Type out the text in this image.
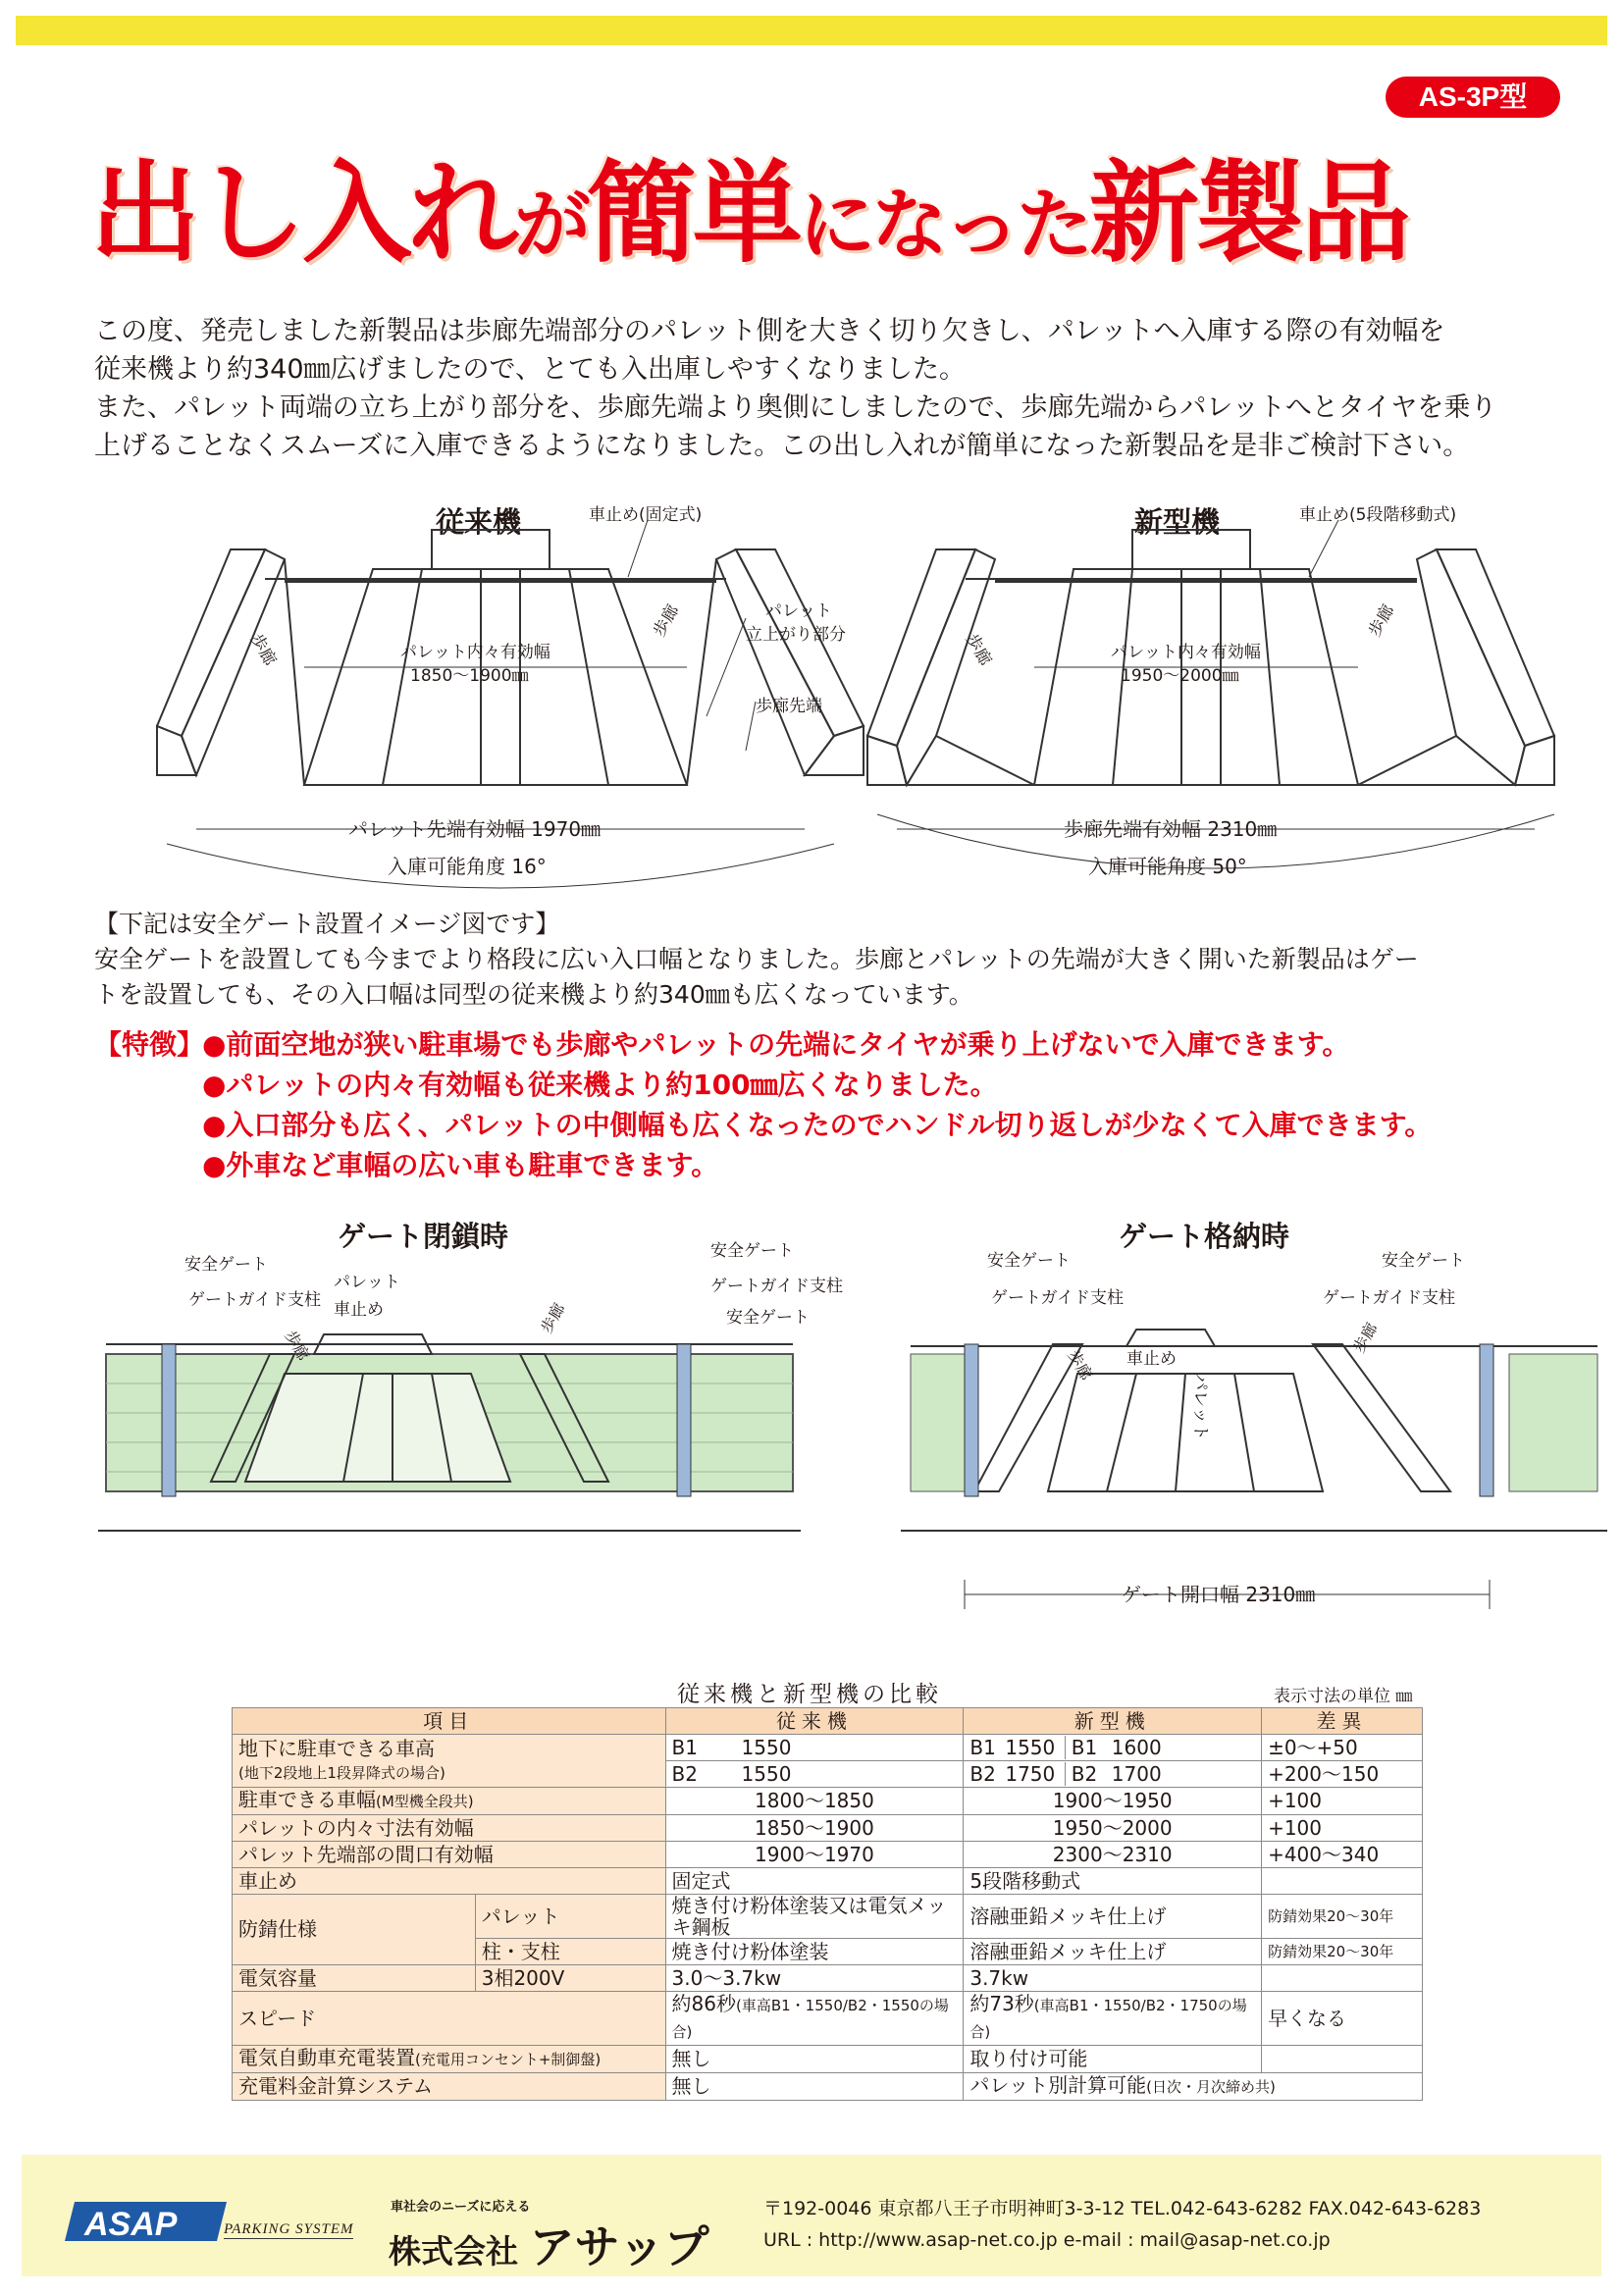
AS-3P型
出し入れが簡単になった新製品

この度、発売しました新製品は歩廊先端部分のパレット側を大きく切り欠きし、パレットへ入庫する際の有効幅を

従来機より約340㎜広げましたので、とても入出庫しやすくなりました。

また、パレット両端の立ち上がり部分を、歩廊先端より奥側にしましたので、歩廊先端からパレットへとタイヤを乗り

上げることなくスムーズに入庫できるようになりました。この出し入れが簡単になった新製品を是非ご検討下さい。

従来機	車止め(固定式)
歩廊
歩廊	パレット
立上がり部分
歩廊先端
パレット内々有効幅
1850〜1900㎜
パレット先端有効幅 1970㎜
入庫可能角度 16°
新型機	車止め(5段階移動式)
歩廊
歩廊
パレット内々有効幅
1950〜2000㎜
歩廊先端有効幅 2310㎜
入庫可能角度 50°

【下記は安全ゲート設置イメージ図です】

安全ゲートを設置しても今までより格段に広い入口幅となりました。歩廊とパレットの先端が大きく開いた新製品はゲー

トを設置しても、その入口幅は同型の従来機より約340㎜も広くなっています。

【特徴】●前面空地が狭い駐車場でも歩廊やパレットの先端にタイヤが乗り上げないで入庫できます。
●パレットの内々有効幅も従来機より約100㎜広くなりました。
●入口部分も広く、パレットの中側幅も広くなったのでハンドル切り返しが少なくて入庫できます。
●外車など車幅の広い車も駐車できます。
ゲート閉鎖時
安全ゲート
ゲートガイド支柱
パレット
車止め
歩廊
歩廊
安全ゲート
ゲートガイド支柱
安全ゲート
ゲート格納時
安全ゲート
ゲートガイド支柱
車止め
パレット
歩廊
歩廊
安全ゲート
ゲートガイド支柱
ゲート開口幅 2310㎜
従来機と新型機の比較	表示寸法の単位 ㎜
項目		従来機	新型機	差異

地下に駐車できる車高
(地下2段地上1段昇降式の場合)		B1 1550	B1 1550 B1 1600	±0〜+50
		B2 1550	B2 1750 B2 1700	+200〜150
駐車できる車幅(M型機全段共)		1800〜1850	1900〜1950	+100
パレットの内々寸法有効幅		1850〜1900	1950〜2000	+100
パレット先端部の間口有効幅		1900〜1970	2300〜2310	+400〜340
車止め		固定式	5段階移動式	
防錆仕様	パレット	焼き付け粉体塗装又は電気メッキ鋼板	溶融亜鉛メッキ仕上げ	防錆効果20〜30年
	柱・支柱	焼き付け粉体塗装	溶融亜鉛メッキ仕上げ	防錆効果20〜30年
電気容量	3相200V	3.0〜3.7kw	3.7kw	
スピード		約86秒(車高B1・1550/B2・1550の場合)	約73秒(車高B1・1550/B2・1750の場合)	早くなる
電気自動車充電装置(充電用コンセント+制御盤)		無し	取り付け可能	
充電料金計算システム		無し	パレット別計算可能(日次・月次締め共)	
ASAP	PARKING SYSTEM
車社会のニーズに応える
株式会社 アサップ
〒192-0046 東京都八王子市明神町3-3-12 TEL.042-643-6282 FAX.042-643-6283
URL : http://www.asap-net.co.jp e-mail : mail@asap-net.co.jp
